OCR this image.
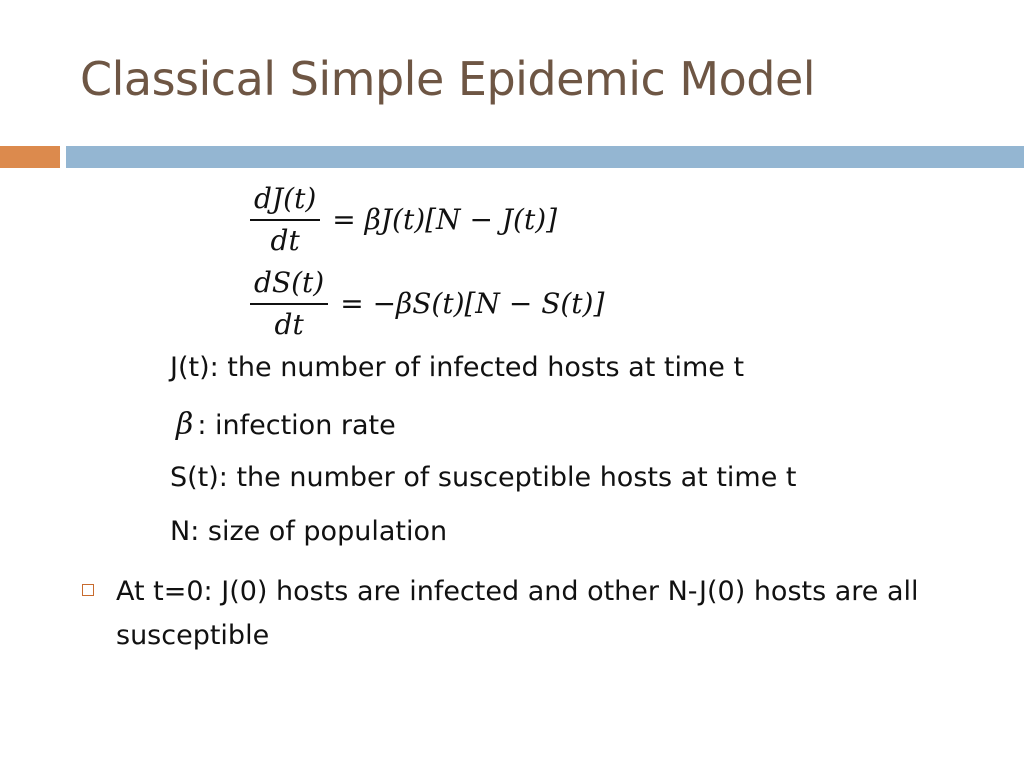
Classical Simple Epidemic Model
$\frac{dJ(t)}{dt} = \beta J(t)[N - J(t)]$
$\frac{dS(t)}{dt} = -\beta S(t)[N - S(t)]$
J(t): the number of infected hosts at time t
β : infection rate
S(t): the number of susceptible hosts at time t
N: size of population
At t=0: J(0) hosts are infected and other N-J(0) hosts are all susceptible
